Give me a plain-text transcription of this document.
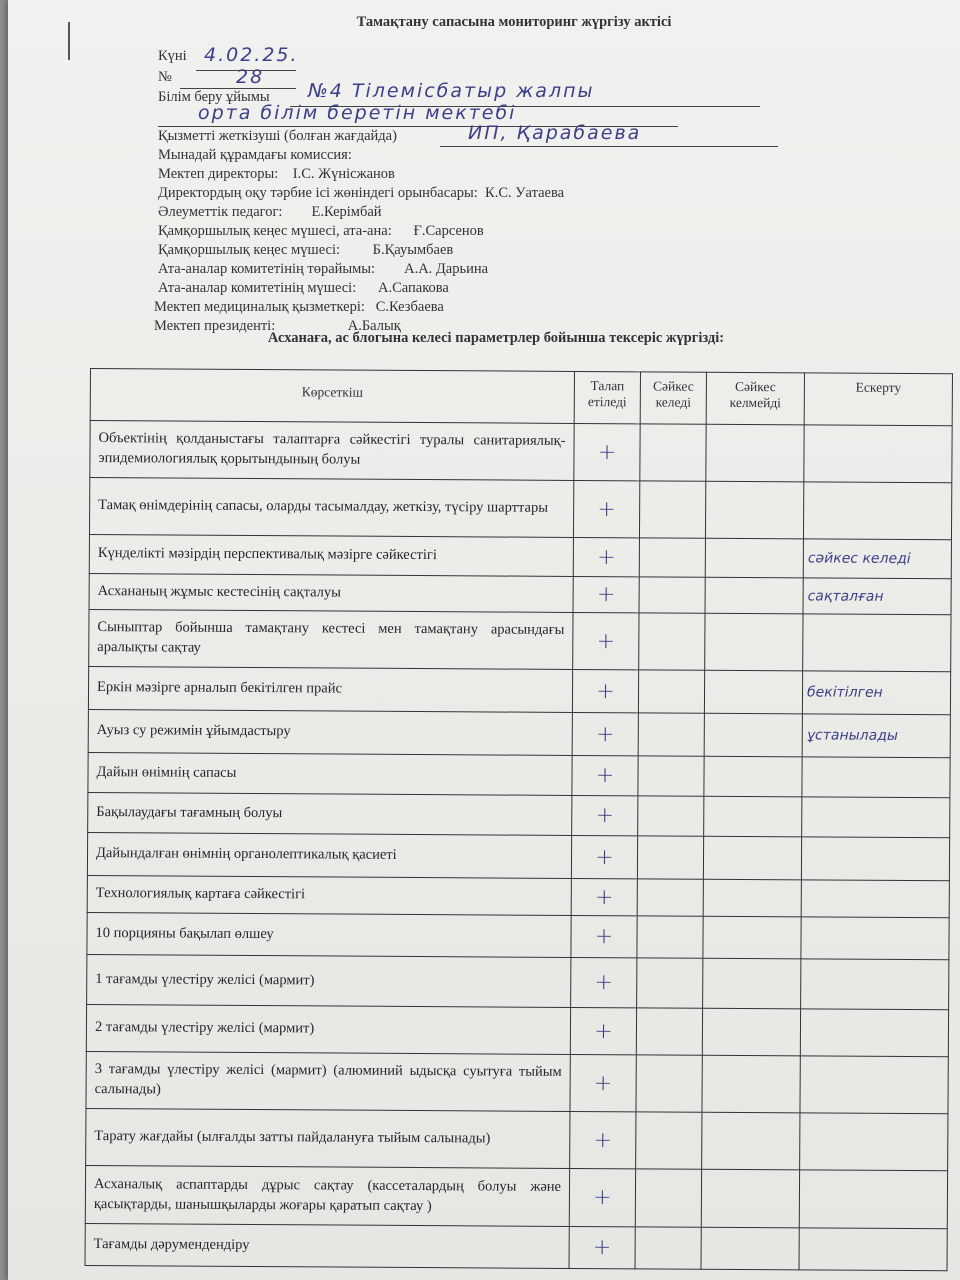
Тамақтану сапасына мониторинг жүргізу актісі
Күні 4.02.25.
№	28
Білім беру ұйымы №4 Тілемісбатыр жалпы
орта білім беретін мектебі
Қызметті жеткізуші (болған жағдайда)	ИП, Қарабаева
Мынадай құрамдағы комиссия:
Мектеп директоры: І.С. Жүнісжанов
Директордың оқу тәрбие ісі жөніндегі орынбасары: К.С. Уатаева
Әлеуметтік педагог: Е.Керімбай
Қамқоршылық кеңес мүшесі, ата-ана: Ғ.Сарсенов
Қамқоршылық кеңес мүшесі: Б.Қауымбаев
Ата-аналар комитетінің төрайымы: А.А. Дарьина
Ата-аналар комитетінің мүшесі: А.Сапакова
Мектеп медициналық қызметкері: С.Кезбаева
Мектеп президенті:	А.Балық
Асханаға, ас блогына келесі параметрлер бойынша тексеріс жүргізді:
Көрсеткіш	Талап етіледі	Сәйкес келеді	Сәйкес келмейді	Ескерту
Объектінің қолданыстағы талаптарға сәйкестігі туралы санитариялық-эпидемиологиялық қорытындының болуы	+			
Тамақ өнімдерінің сапасы, оларды тасымалдау, жеткізу, түсіру шарттары	+			
Күнделікті мәзірдің перспективалық мәзірге сәйкестігі	+			сәйкес келеді
Асхананың жұмыс кестесінің сақталуы	+			сақталған
Сыныптар бойынша тамақтану кестесі мен тамақтану арасындағы аралықты сақтау	+			
Еркін мәзірге арналып бекітілген прайс	+			бекітілген
Ауыз су режимін ұйымдастыру	+			ұстанылады
Дайын өнімнің сапасы	+			
Бақылаудағы тағамның болуы	+			
Дайындалған өнімнің органолептикалық қасиеті	+			
Технологиялық картаға сәйкестігі	+			
10 порцияны бақылап өлшеу	+			
1 тағамды үлестіру желісі (мармит)	+			
2 тағамды үлестіру желісі (мармит)	+			
3 тағамды үлестіру желісі (мармит) (алюминий ыдысқа суытуға тыйым салынады)	+			
Тарату жағдайы (ылғалды затты пайдалануға тыйым салынады)	+			
Асханалық аспаптарды дұрыс сақтау (кассеталардың болуы және қасықтарды, шанышқыларды жоғары қаратып сақтау )	+			
Тағамды дәрумендендіру	+			
